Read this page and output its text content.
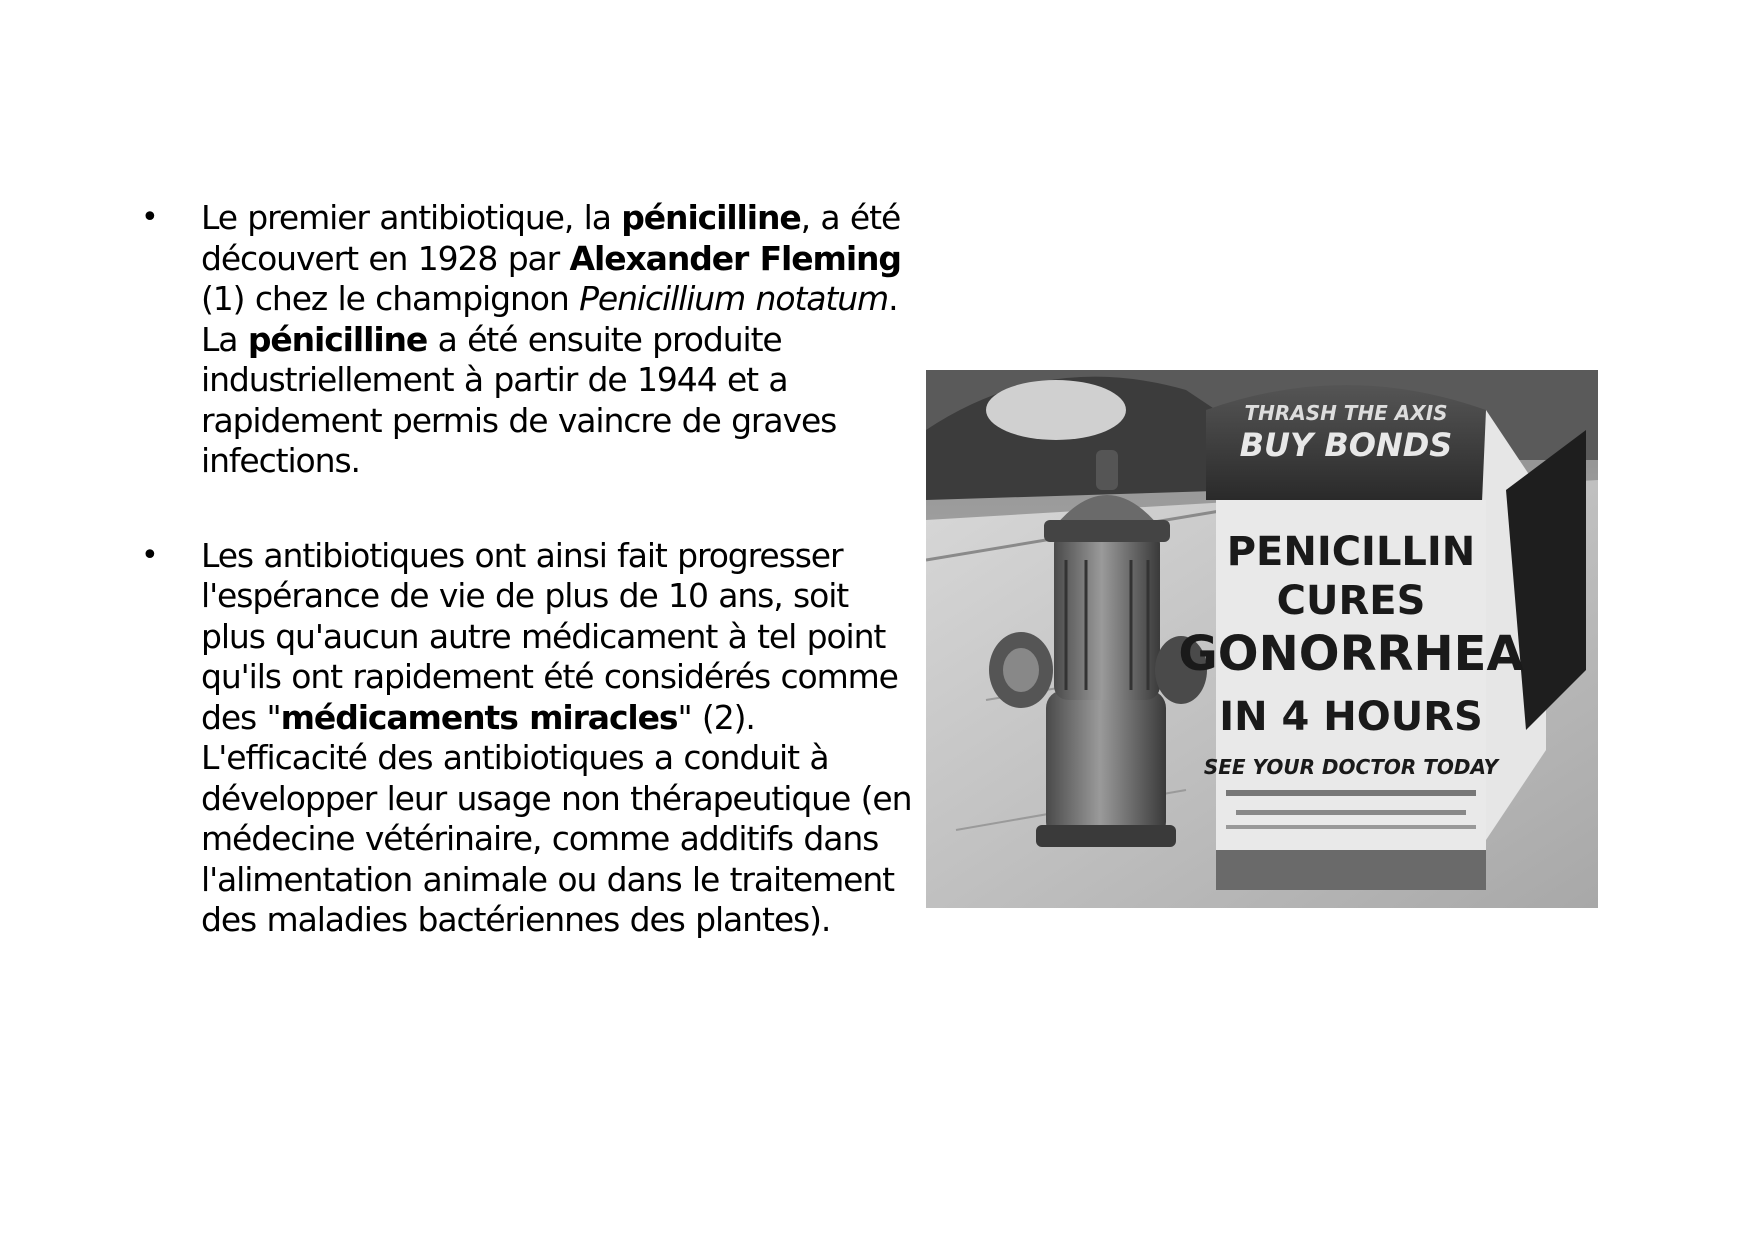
• Le premier antibiotique, la pénicilline, a été découvert en 1928 par Alexander Fleming (1) chez le champignon Penicillium notatum. La pénicilline a été ensuite produite industriellement à partir de 1944 et a rapidement permis de vaincre de graves infections.

• Les antibiotiques ont ainsi fait progresser l'espérance de vie de plus de 10 ans, soit plus qu'aucun autre médicament à tel point qu'ils ont rapidement été considérés comme des "médicaments miracles" (2). L'efficacité des antibiotiques a conduit à développer leur usage non thérapeutique (en médecine vétérinaire, comme additifs dans l'alimentation animale ou dans le traitement des maladies bactériennes des plantes).

THRASH THE AXIS
BUY BONDS
PENICILLIN
CURES
GONORRHEA
IN 4 HOURS
SEE YOUR DOCTOR TODAY
